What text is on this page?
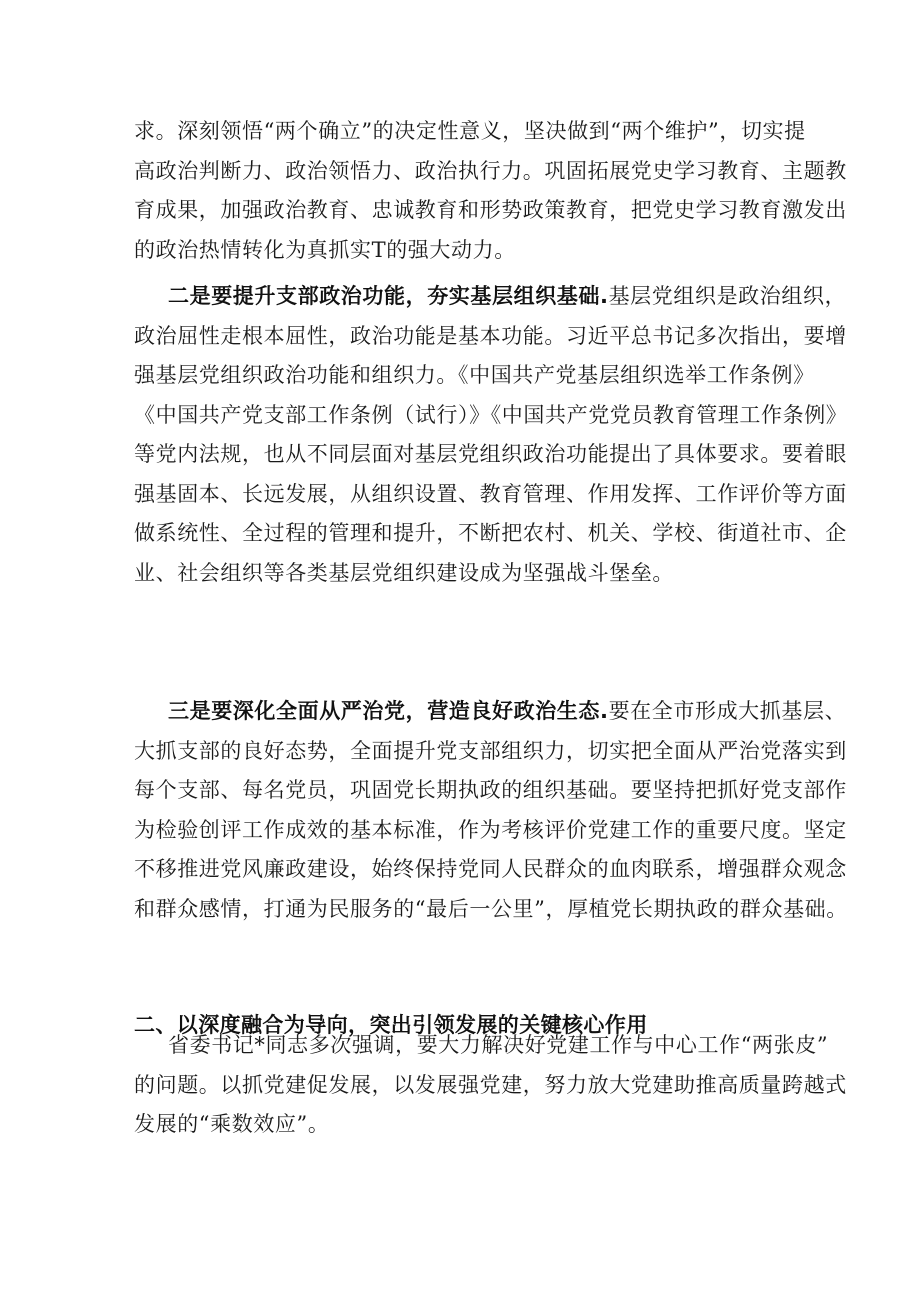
求。深刻领悟“两个确立”的决定性意义，坚决做到“两个维护”，切实提
高政治判断力、政治领悟力、政治执行力。巩固拓展党史学习教育、主题教
育成果，加强政治教育、忠诚教育和形势政策教育，把党史学习教育激发出
的政治热情转化为真抓实T的强大动力。
二是要提升支部政治功能，夯实基层组织基础.基层党组织是政治组织，
政治屈性走根本屈性，政治功能是基本功能。习近平总书记多次指出，要增
强基层党组织政治功能和组织力。《中国共产党基层组织选举工作条例》
《中国共产党支部工作条例（试行）》《中国共产党党员教育管理工作条例》
等党内法规，也从不同层面对基层党组织政治功能提出了具体要求。要着眼
强基固本、长远发展，从组织设置、教育管理、作用发挥、工作评价等方面
做系统性、全过程的管理和提升，不断把农村、机关、学校、街道社市、企
业、社会组织等各类基层党组织建设成为坚强战斗堡垒。
三是要深化全面从严治党，营造良好政治生态.要在全市形成大抓基层、
大抓支部的良好态势，全面提升党支部组织力，切实把全面从严治党落实到
每个支部、每名党员，巩固党长期执政的组织基础。要坚持把抓好党支部作
为检验创评工作成效的基本标准，作为考核评价党建工作的重要尺度。坚定
不移推进党风廉政建设，始终保持党同人民群众的血肉联系，增强群众观念
和群众感情，打通为民服务的“最后一公里”，厚植党长期执政的群众基础。
二、以深度融合为导向，突出引领发展的关键核心作用
省委书记*同志多次强调，要大力解决好党建工作与中心工作“两张皮”
的问题。以抓党建促发展，以发展强党建，努力放大党建助推高质量跨越式
发展的“乘数效应”。
